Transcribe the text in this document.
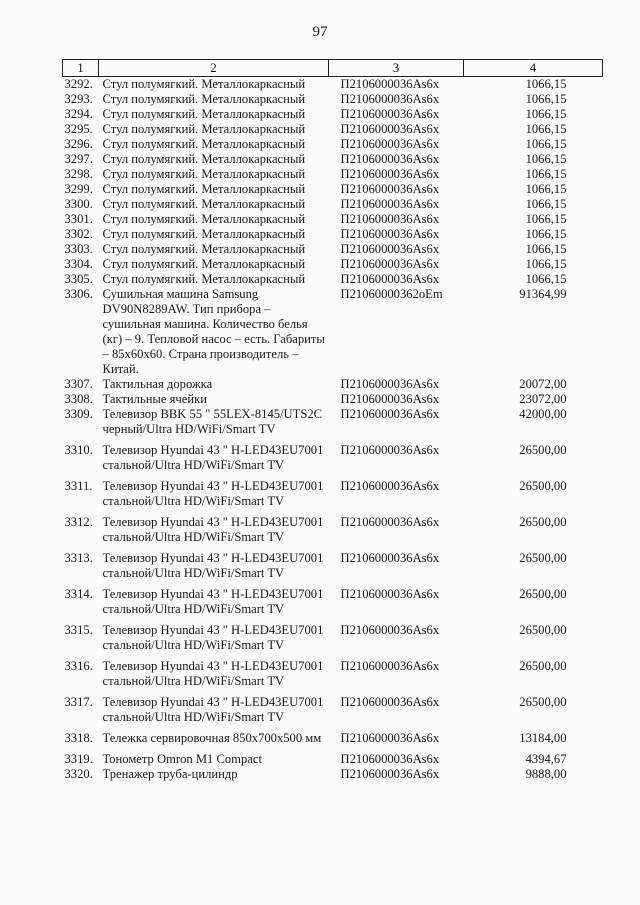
97
1	2	3	4
3292.	Стул полумягкий. Металлокаркасный	П2106000036Аs6х	1066,15
3293.	Стул полумягкий. Металлокаркасный	П2106000036Аs6х	1066,15
3294.	Стул полумягкий. Металлокаркасный	П2106000036Аs6х	1066,15
3295.	Стул полумягкий. Металлокаркасный	П2106000036Аs6х	1066,15
3296.	Стул полумягкий. Металлокаркасный	П2106000036Аs6х	1066,15
3297.	Стул полумягкий. Металлокаркасный	П2106000036Аs6х	1066,15
3298.	Стул полумягкий. Металлокаркасный	П2106000036Аs6х	1066,15
3299.	Стул полумягкий. Металлокаркасный	П2106000036Аs6х	1066,15
3300.	Стул полумягкий. Металлокаркасный	П2106000036Аs6х	1066,15
3301.	Стул полумягкий. Металлокаркасный	П2106000036Аs6х	1066,15
3302.	Стул полумягкий. Металлокаркасный	П2106000036Аs6х	1066,15
3303.	Стул полумягкий. Металлокаркасный	П2106000036Аs6х	1066,15
3304.	Стул полумягкий. Металлокаркасный	П2106000036Аs6х	1066,15
3305.	Стул полумягкий. Металлокаркасный	П2106000036Аs6х	1066,15
3306.	Сушильная машина Samsung DV90N8289AW. Тип прибора – сушильная машина. Количество белья (кг) – 9. Тепловой насос – есть. Габариты – 85х60х60. Страна производитель – Китай.	П21060000362оЕm	91364,99
3307.	Тактильная дорожка	П2106000036Аs6х	20072,00
3308.	Тактильные ячейки	П2106000036Аs6х	23072,00
3309.	Телевизор BBK 55 " 55LEX-8145/UTS2C черный/Ultra HD/WiFi/Smart TV	П2106000036Аs6х	42000,00
3310.	Телевизор Hyundai 43 " H-LED43EU7001 стальной/Ultra HD/WiFi/Smart TV	П2106000036Аs6х	26500,00
3311.	Телевизор Hyundai 43 " H-LED43EU7001 стальной/Ultra HD/WiFi/Smart TV	П2106000036Аs6х	26500,00
3312.	Телевизор Hyundai 43 " H-LED43EU7001 стальной/Ultra HD/WiFi/Smart TV	П2106000036Аs6х	26500,00
3313.	Телевизор Hyundai 43 " H-LED43EU7001 стальной/Ultra HD/WiFi/Smart TV	П2106000036Аs6х	26500,00
3314.	Телевизор Hyundai 43 " H-LED43EU7001 стальной/Ultra HD/WiFi/Smart TV	П2106000036Аs6х	26500,00
3315.	Телевизор Hyundai 43 " H-LED43EU7001 стальной/Ultra HD/WiFi/Smart TV	П2106000036Аs6х	26500,00
3316.	Телевизор Hyundai 43 " H-LED43EU7001 стальной/Ultra HD/WiFi/Smart TV	П2106000036Аs6х	26500,00
3317.	Телевизор Hyundai 43 " H-LED43EU7001 стальной/Ultra HD/WiFi/Smart TV	П2106000036Аs6х	26500,00
3318.	Тележка сервировочная 850х700х500 мм	П2106000036Аs6х	13184,00
3319.	Тонометр Omron M1 Compact	П2106000036Аs6х	4394,67
3320.	Тренажер труба-цилиндр	П2106000036Аs6х	9888,00
